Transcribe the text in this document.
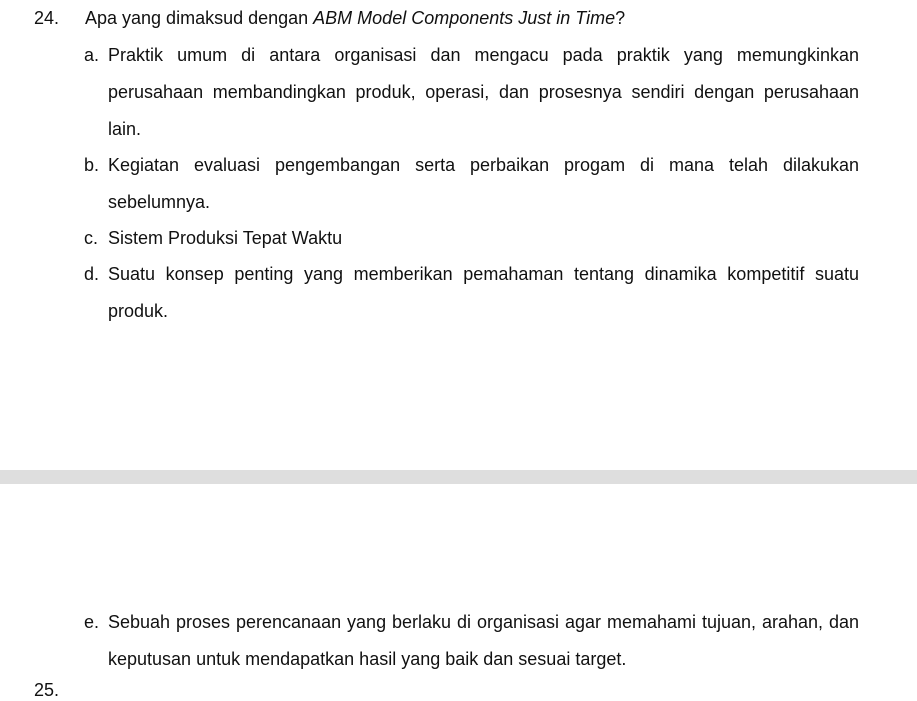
24. Apa yang dimaksud dengan ABM Model Components Just in Time?
a. Praktik umum di antara organisasi dan mengacu pada praktik yang memungkinkan perusahaan membandingkan produk, operasi, dan prosesnya sendiri dengan perusahaan lain.
b. Kegiatan evaluasi pengembangan serta perbaikan progam di mana telah dilakukan sebelumnya.
c. Sistem Produksi Tepat Waktu
d. Suatu konsep penting yang memberikan pemahaman tentang dinamika kompetitif suatu produk.
e. Sebuah proses perencanaan yang berlaku di organisasi agar memahami tujuan, arahan, dan keputusan untuk mendapatkan hasil yang baik dan sesuai target.
25.
